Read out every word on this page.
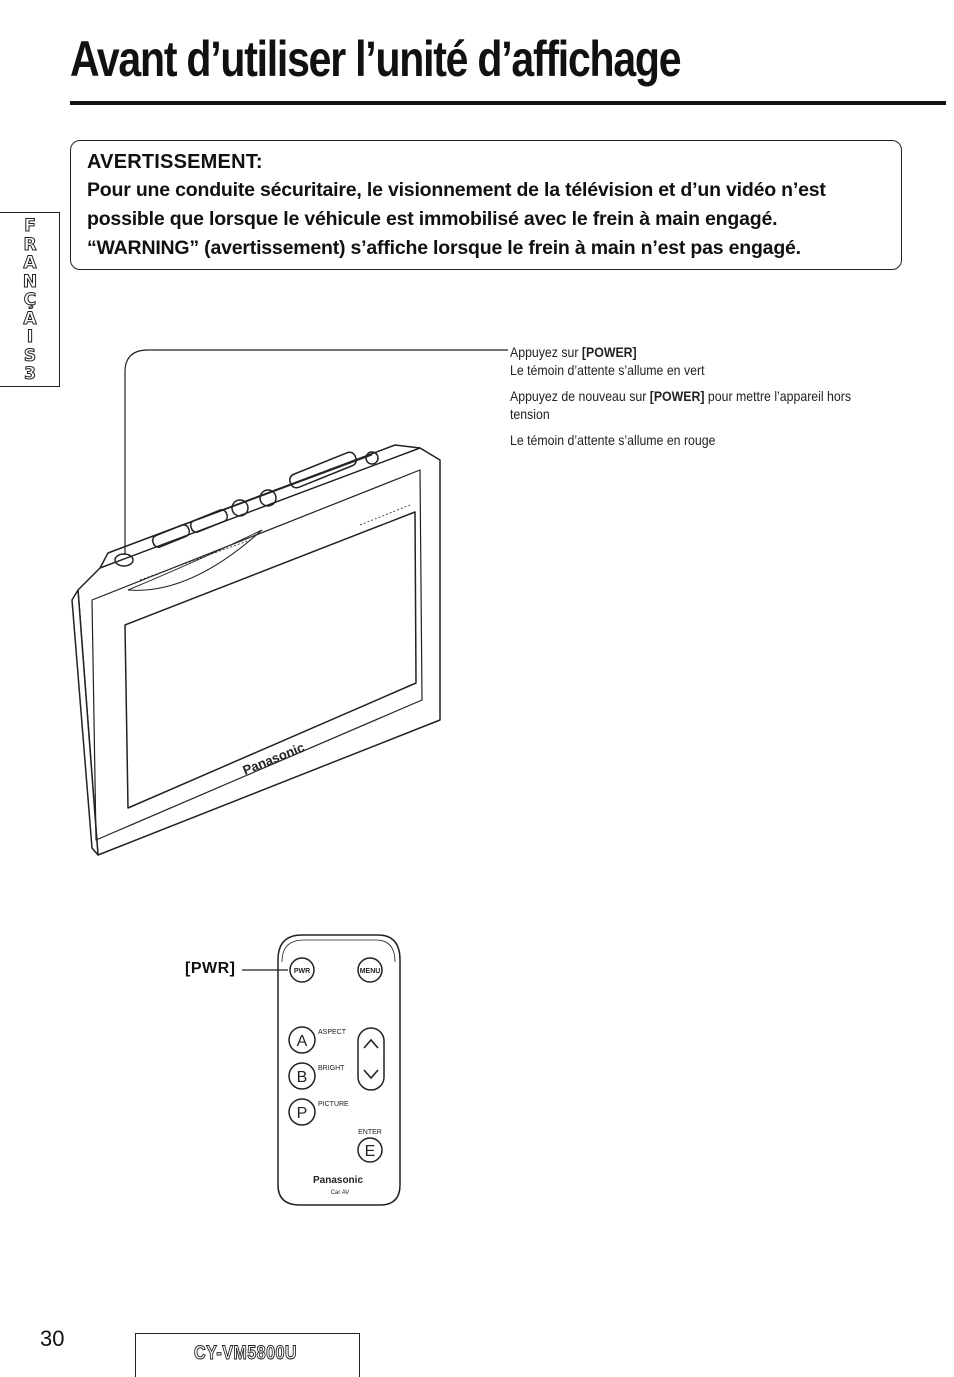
Avant d’utiliser l’unité d’affichage
F
R
A
N
Ç
A
I
S
3

AVERTISSEMENT:

Pour une conduite sécuritaire, le visionnement de la télévision et d’un vidéo n’est possible que lorsque le véhicule est immobilisé avec le frein à main engagé. “WARNING” (avertissement) s’affiche lorsque le frein à main n’est pas engagé.

Appuyez sur [POWER]

Le témoin d’attente s’allume en vert

Appuyez de nouveau sur [POWER] pour mettre l’appareil hors tension

Le témoin d’attente s’allume en rouge

Panasonic
PWR	MENU
A
B
P
E
ENTER
Panasonic
Car AV
ASPECT
BRIGHT
PICTURE
[PWR]
30
CY-VM5800U
